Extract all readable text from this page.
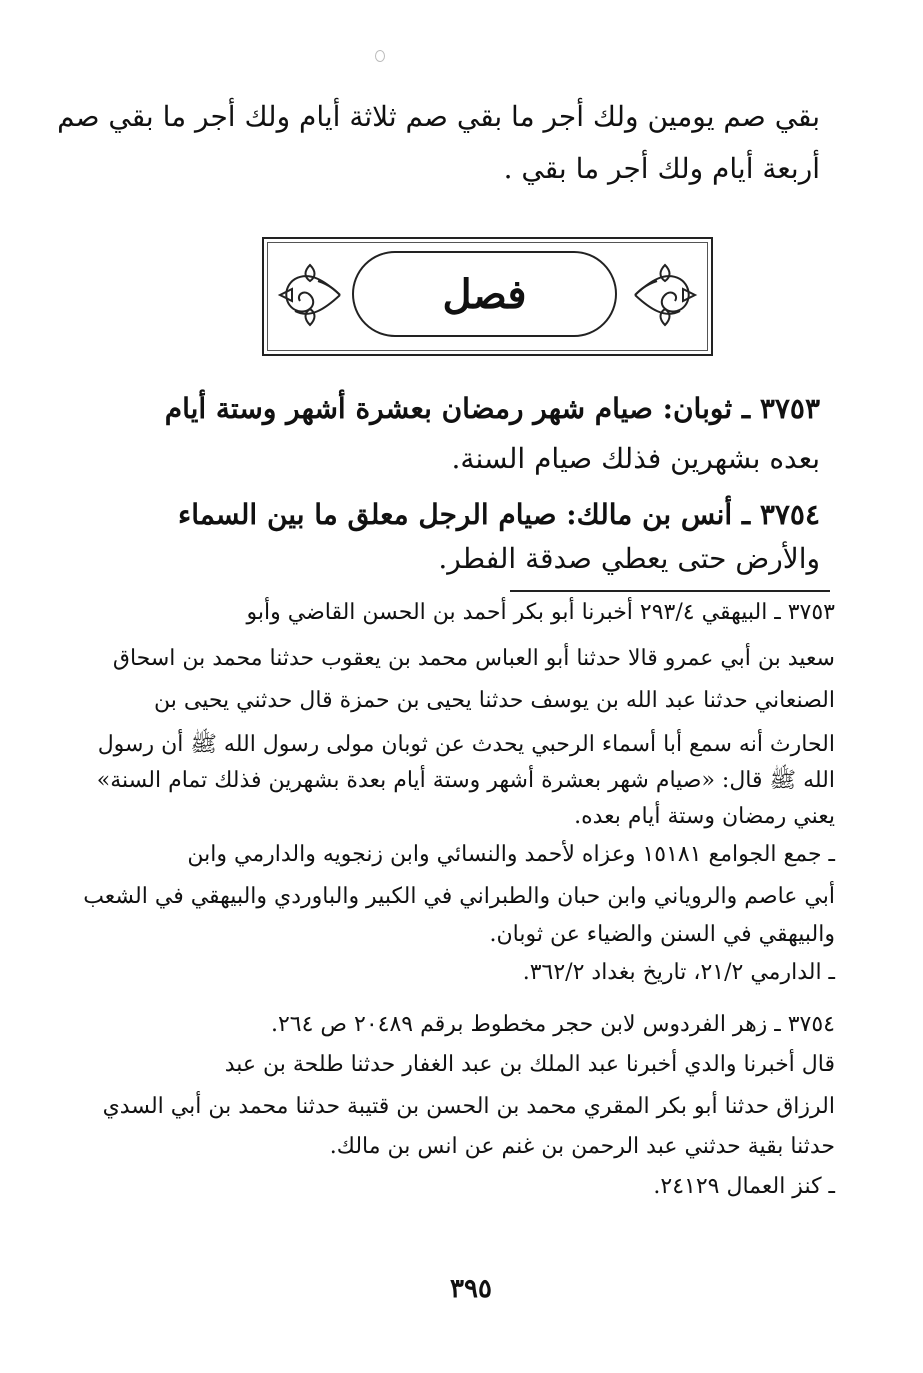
بقي صم يومين ولك أجر ما بقي صم ثلاثة أيام ولك أجر ما بقي صم
أربعة أيام ولك أجر ما بقي .
فصل
٣٧٥٣ ـ ثوبان: صيام شهر رمضان بعشرة أشهر وستة أيام
بعده بشهرين فذلك صيام السنة.
٣٧٥٤ ـ أنس بن مالك: صيام الرجل معلق ما بين السماء
والأرض حتى يعطي صدقة الفطر.
٣٧٥٣ ـ البيهقي ٢٩٣/٤ أخبرنا أبو بكر أحمد بن الحسن القاضي وأبو
سعيد بن أبي عمرو قالا حدثنا أبو العباس محمد بن يعقوب حدثنا محمد بن اسحاق
الصنعاني حدثنا عبد الله بن يوسف حدثنا يحيى بن حمزة قال حدثني يحيى بن
الحارث أنه سمع أبا أسماء الرحبي يحدث عن ثوبان مولى رسول الله ﷺ أن رسول
الله ﷺ قال: «صيام شهر بعشرة أشهر وستة أيام بعدة بشهرين فذلك تمام السنة»
يعني رمضان وستة أيام بعده.
ـ جمع الجوامع ١٥١٨١ وعزاه لأحمد والنسائي وابن زنجويه والدارمي وابن
أبي عاصم والروياني وابن حبان والطبراني في الكبير والباوردي والبيهقي في الشعب
والبيهقي في السنن والضياء عن ثوبان.
ـ الدارمي ٢١/٢، تاريخ بغداد ٣٦٢/٢.
٣٧٥٤ ـ زهر الفردوس لابن حجر مخطوط برقم ٢٠٤٨٩ ص ٢٦٤.
قال أخبرنا والدي أخبرنا عبد الملك بن عبد الغفار حدثنا طلحة بن عبد
الرزاق حدثنا أبو بكر المقري محمد بن الحسن بن قتيبة حدثنا محمد بن أبي السدي
حدثنا بقية حدثني عبد الرحمن بن غنم عن انس بن مالك.
ـ كنز العمال ٢٤١٢٩.
٣٩٥
